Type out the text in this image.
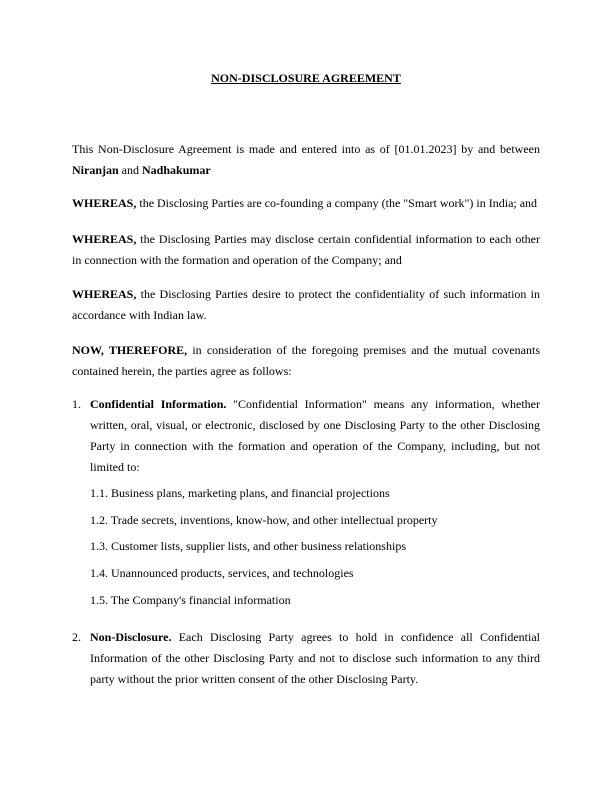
NON-DISCLOSURE AGREEMENT
This Non-Disclosure Agreement is made and entered into as of [01.01.2023] by and between Niranjan and Nadhakumar
WHEREAS, the Disclosing Parties are co-founding a company (the "Smart work") in India; and
WHEREAS, the Disclosing Parties may disclose certain confidential information to each other in connection with the formation and operation of the Company; and
WHEREAS, the Disclosing Parties desire to protect the confidentiality of such information in accordance with Indian law.
NOW, THEREFORE, in consideration of the foregoing premises and the mutual covenants contained herein, the parties agree as follows:
1. Confidential Information. "Confidential Information" means any information, whether written, oral, visual, or electronic, disclosed by one Disclosing Party to the other Disclosing Party in connection with the formation and operation of the Company, including, but not limited to:
1.1. Business plans, marketing plans, and financial projections
1.2. Trade secrets, inventions, know-how, and other intellectual property
1.3. Customer lists, supplier lists, and other business relationships
1.4. Unannounced products, services, and technologies
1.5. The Company's financial information
2. Non-Disclosure. Each Disclosing Party agrees to hold in confidence all Confidential Information of the other Disclosing Party and not to disclose such information to any third party without the prior written consent of the other Disclosing Party.
